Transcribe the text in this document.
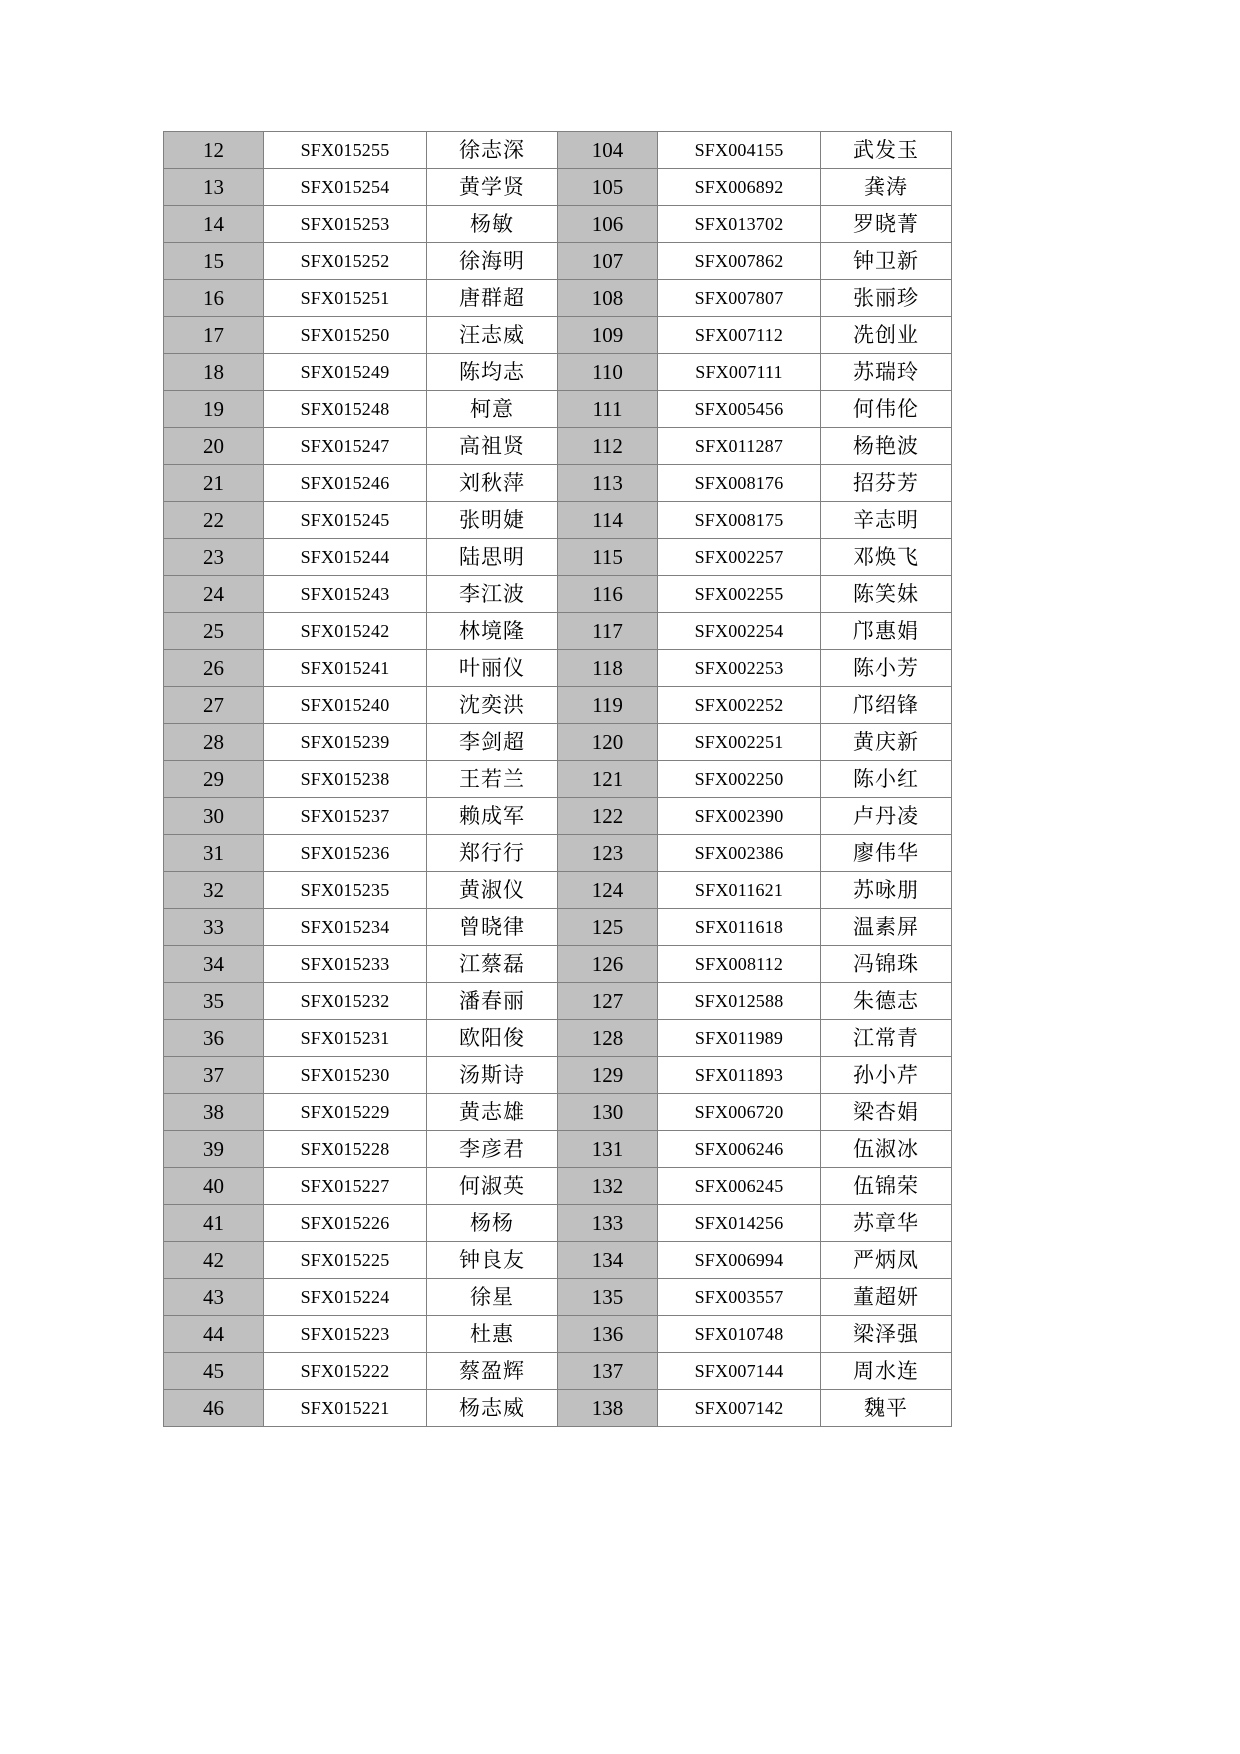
12	SFX015255	徐志深	104	SFX004155	武发玉
13	SFX015254	黄学贤	105	SFX006892	龚涛
14	SFX015253	杨敏	106	SFX013702	罗晓菁
15	SFX015252	徐海明	107	SFX007862	钟卫新
16	SFX015251	唐群超	108	SFX007807	张丽珍
17	SFX015250	汪志威	109	SFX007112	冼创业
18	SFX015249	陈均志	110	SFX007111	苏瑞玲
19	SFX015248	柯意	111	SFX005456	何伟伦
20	SFX015247	高祖贤	112	SFX011287	杨艳波
21	SFX015246	刘秋萍	113	SFX008176	招芬芳
22	SFX015245	张明婕	114	SFX008175	辛志明
23	SFX015244	陆思明	115	SFX002257	邓焕飞
24	SFX015243	李江波	116	SFX002255	陈笑妹
25	SFX015242	林境隆	117	SFX002254	邝惠娟
26	SFX015241	叶丽仪	118	SFX002253	陈小芳
27	SFX015240	沈奕洪	119	SFX002252	邝绍锋
28	SFX015239	李剑超	120	SFX002251	黄庆新
29	SFX015238	王若兰	121	SFX002250	陈小红
30	SFX015237	赖成军	122	SFX002390	卢丹凌
31	SFX015236	郑行行	123	SFX002386	廖伟华
32	SFX015235	黄淑仪	124	SFX011621	苏咏朋
33	SFX015234	曾晓律	125	SFX011618	温素屏
34	SFX015233	江蔡磊	126	SFX008112	冯锦珠
35	SFX015232	潘春丽	127	SFX012588	朱德志
36	SFX015231	欧阳俊	128	SFX011989	江常青
37	SFX015230	汤斯诗	129	SFX011893	孙小芹
38	SFX015229	黄志雄	130	SFX006720	梁杏娟
39	SFX015228	李彦君	131	SFX006246	伍淑冰
40	SFX015227	何淑英	132	SFX006245	伍锦荣
41	SFX015226	杨杨	133	SFX014256	苏章华
42	SFX015225	钟良友	134	SFX006994	严炳凤
43	SFX015224	徐星	135	SFX003557	董超妍
44	SFX015223	杜惠	136	SFX010748	梁泽强
45	SFX015222	蔡盈辉	137	SFX007144	周水连
46	SFX015221	杨志威	138	SFX007142	魏平
